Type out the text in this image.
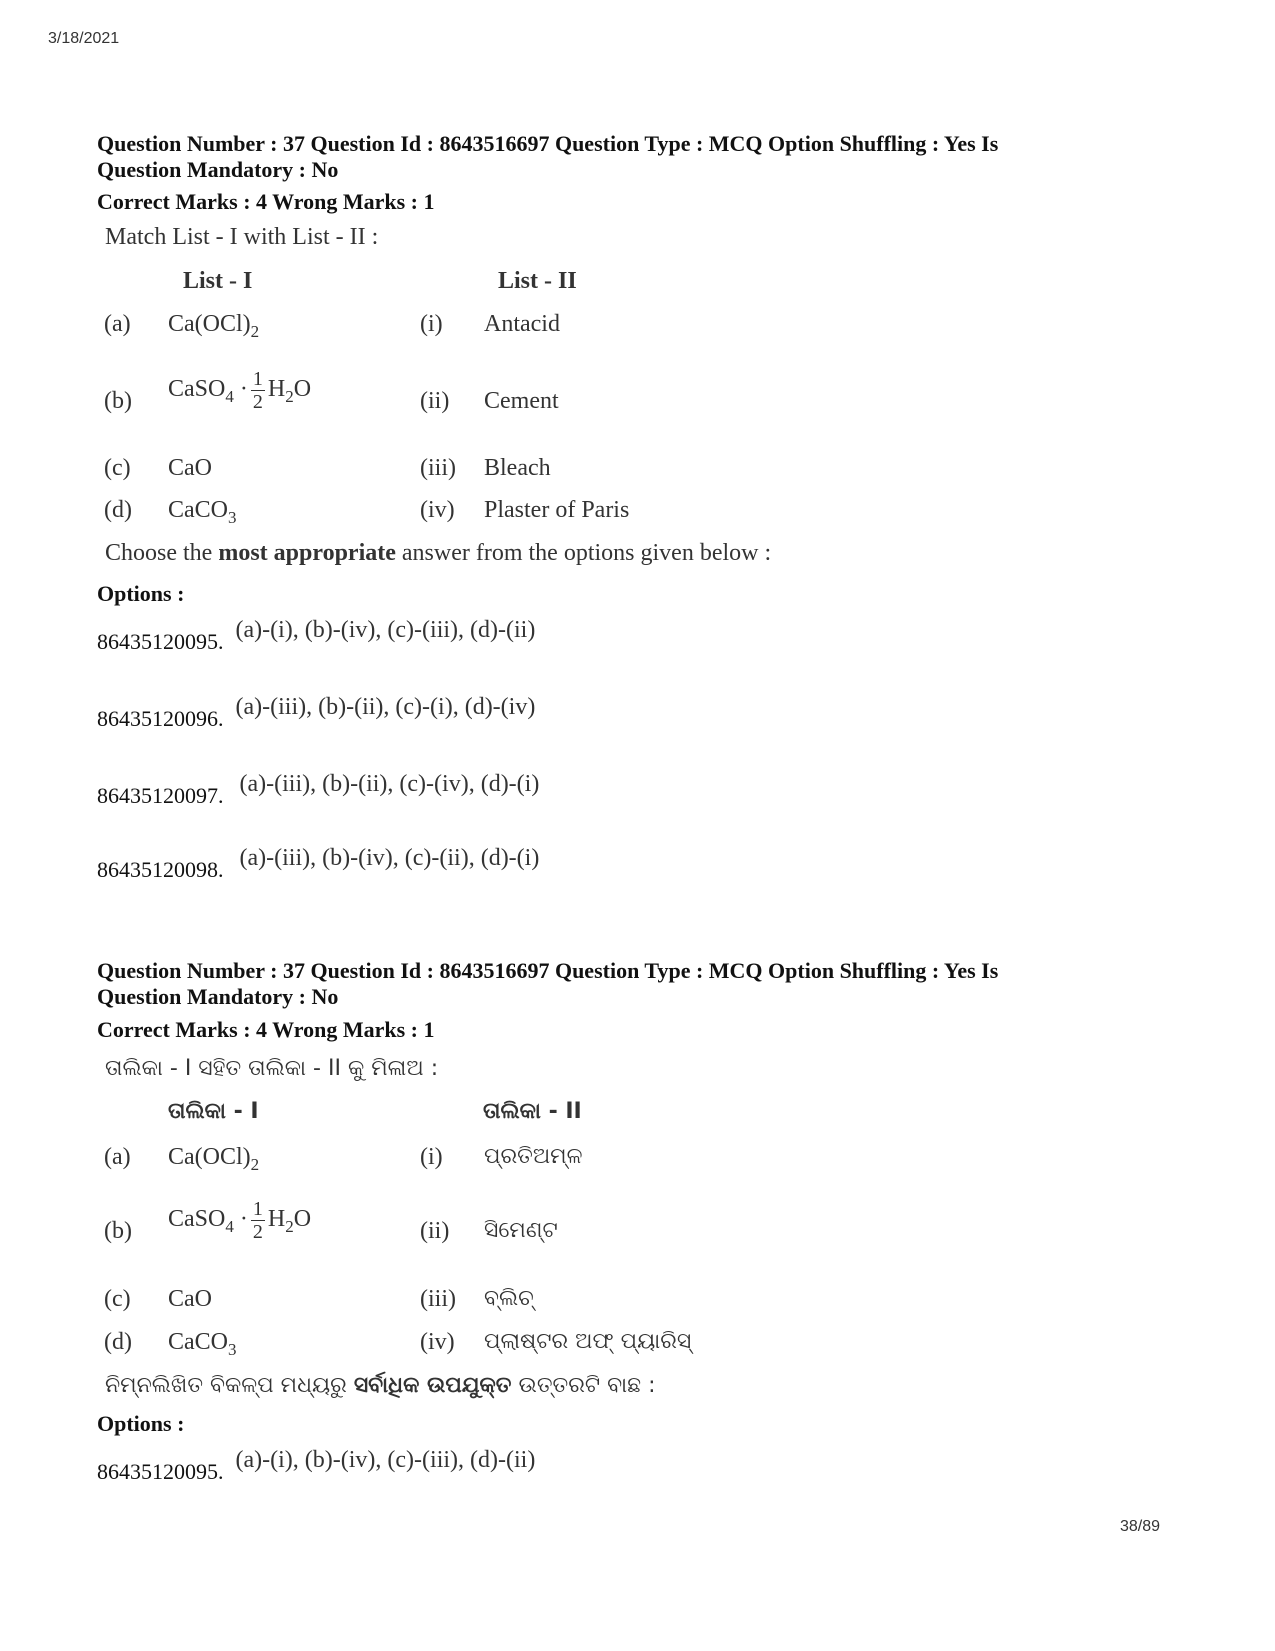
3/18/2021
38/89
Question Number : 37 Question Id : 8643516697 Question Type : MCQ Option Shuffling : Yes Is
Question Mandatory : No
Correct Marks : 4 Wrong Marks : 1
Match List - I with List - II :
List - I	List - II
(a) $Ca(OCl)_2$	(i) Antacid
(b) CaSO$_4$ · $\frac{1}{2} H_2O$	(ii) Cement
(c) CaO	(iii) Bleach
(d) CaCO$_3$	(iv) Plaster of Paris
Choose the most appropriate answer from the options given below :
Options :
86435120095. (a)-(i), (b)-(iv), (c)-(iii), (d)-(ii)
86435120096. (a)-(iii), (b)-(ii), (c)-(i), (d)-(iv)
86435120097. (a)-(iii), (b)-(ii), (c)-(iv), (d)-(i)
86435120098. (a)-(iii), (b)-(iv), (c)-(ii), (d)-(i)
Question Number : 37 Question Id : 8643516697 Question Type : MCQ Option Shuffling : Yes Is
Question Mandatory : No
Correct Marks : 4 Wrong Marks : 1
ତାଲିକା - I ସହିତ ତାଲିକା - II କୁ ମିଳାଅ :
ତାଲିକା - I	ତାଲିକା - II
(a) $Ca(OCl)_2$	(i) ପ୍ରତିଅମ୍ଳ
(b) CaSO$_4$ · $\frac{1}{2} H_2O$	(ii) ସିମେଣ୍ଟ
(c) CaO	(iii) ବ୍ଲିଚ୍
(d) CaCO$_3$	(iv) ପ୍ଲାଷ୍ଟର ଅଫ୍ ପ୍ୟାରିସ୍
ନିମ୍ନଲିଖିତ ବିକଳ୍ପ ମଧ୍ୟରୁ ସର୍ବାଧିକ ଉପଯୁକ୍ତ ଉତ୍ତରଟି ବାଛ :
Options :
86435120095. (a)-(i), (b)-(iv), (c)-(iii), (d)-(ii)
